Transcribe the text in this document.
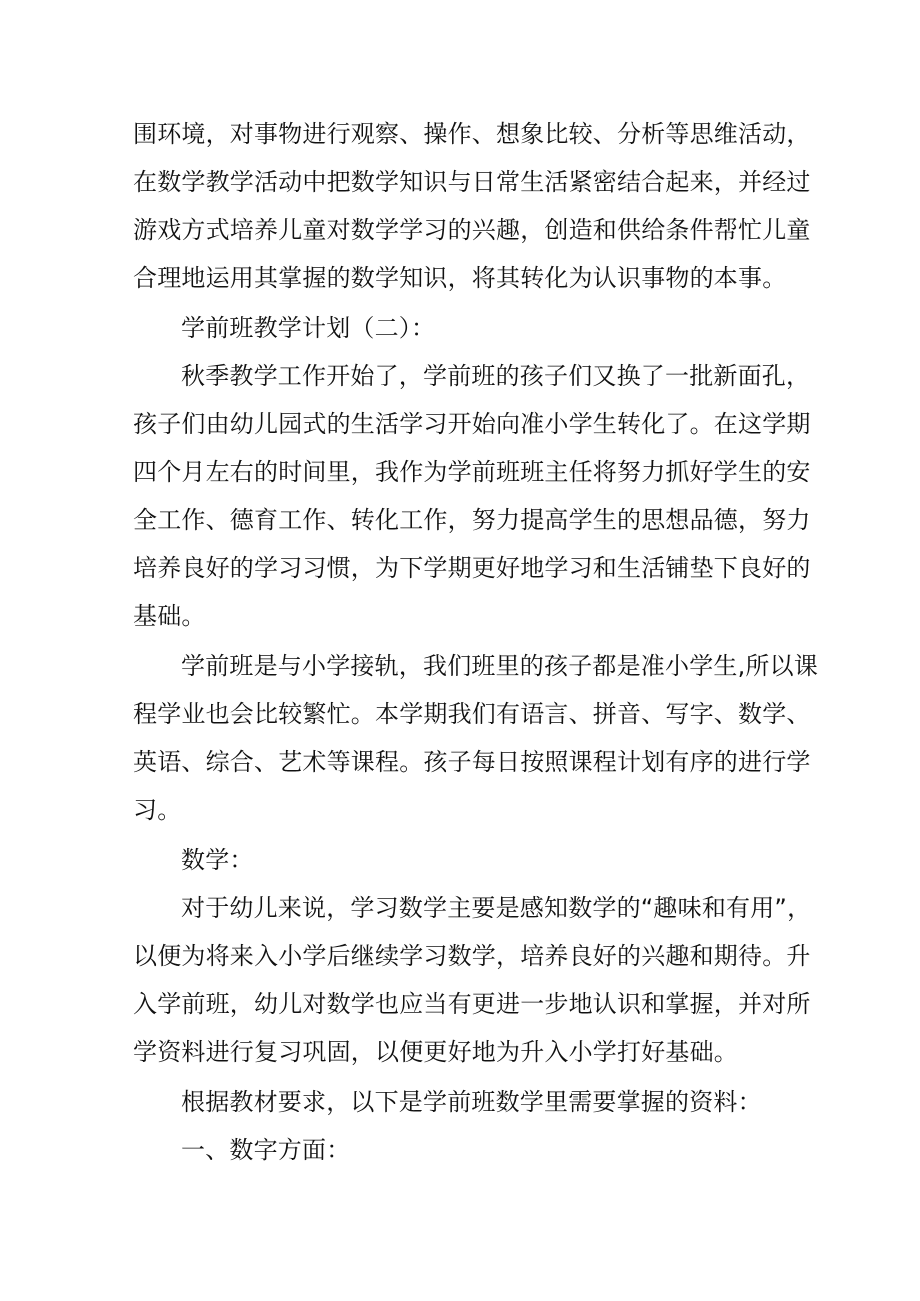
围环境，对事物进行观察、操作、想象比较、分析等思维活动，
在数学教学活动中把数学知识与日常生活紧密结合起来，并经过
游戏方式培养儿童对数学学习的兴趣，创造和供给条件帮忙儿童
合理地运用其掌握的数学知识，将其转化为认识事物的本事。
学前班教学计划（二）：
秋季教学工作开始了，学前班的孩子们又换了一批新面孔，
孩子们由幼儿园式的生活学习开始向准小学生转化了。在这学期
四个月左右的时间里，我作为学前班班主任将努力抓好学生的安
全工作、德育工作、转化工作，努力提高学生的思想品德，努力
培养良好的学习习惯，为下学期更好地学习和生活铺垫下良好的
基础。
学前班是与小学接轨，我们班里的孩子都是准小学生,所以课
程学业也会比较繁忙。本学期我们有语言、拼音、写字、数学、
英语、综合、艺术等课程。孩子每日按照课程计划有序的进行学
习。
数学：
对于幼儿来说，学习数学主要是感知数学的“趣味和有用”，
以便为将来入小学后继续学习数学，培养良好的兴趣和期待。升
入学前班，幼儿对数学也应当有更进一步地认识和掌握，并对所
学资料进行复习巩固，以便更好地为升入小学打好基础。
根据教材要求，以下是学前班数学里需要掌握的资料：
一、数字方面：
